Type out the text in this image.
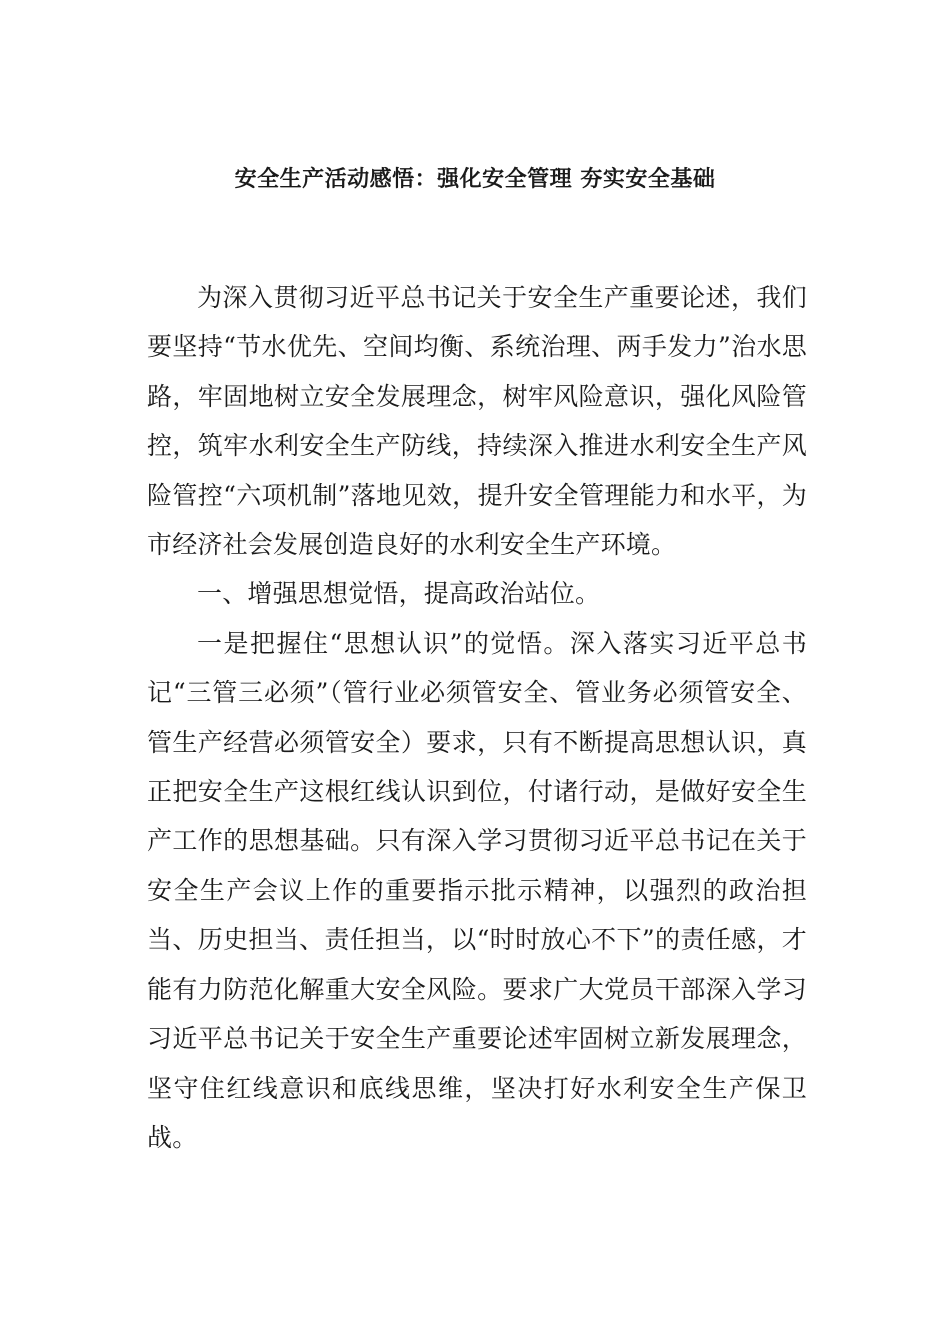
安全生产活动感悟：强化安全管理 夯实安全基础

为深入贯彻习近平总书记关于安全生产重要论述，我们要坚持“节水优先、空间均衡、系统治理、两手发力”治水思路，牢固地树立安全发展理念，树牢风险意识，强化风险管控，筑牢水利安全生产防线，持续深入推进水利安全生产风险管控“六项机制”落地见效，提升安全管理能力和水平，为市经济社会发展创造良好的水利安全生产环境。

一、增强思想觉悟，提高政治站位。

一是把握住“思想认识”的觉悟。深入落实习近平总书记“三管三必须”（管行业必须管安全、管业务必须管安全、管生产经营必须管安全）要求，只有不断提高思想认识，真正把安全生产这根红线认识到位，付诸行动，是做好安全生产工作的思想基础。只有深入学习贯彻习近平总书记在关于安全生产会议上作的重要指示批示精神，以强烈的政治担当、历史担当、责任担当，以“时时放心不下”的责任感，才能有力防范化解重大安全风险。要求广大党员干部深入学习习近平总书记关于安全生产重要论述牢固树立新发展理念，坚守住红线意识和底线思维，坚决打好水利安全生产保卫战。
